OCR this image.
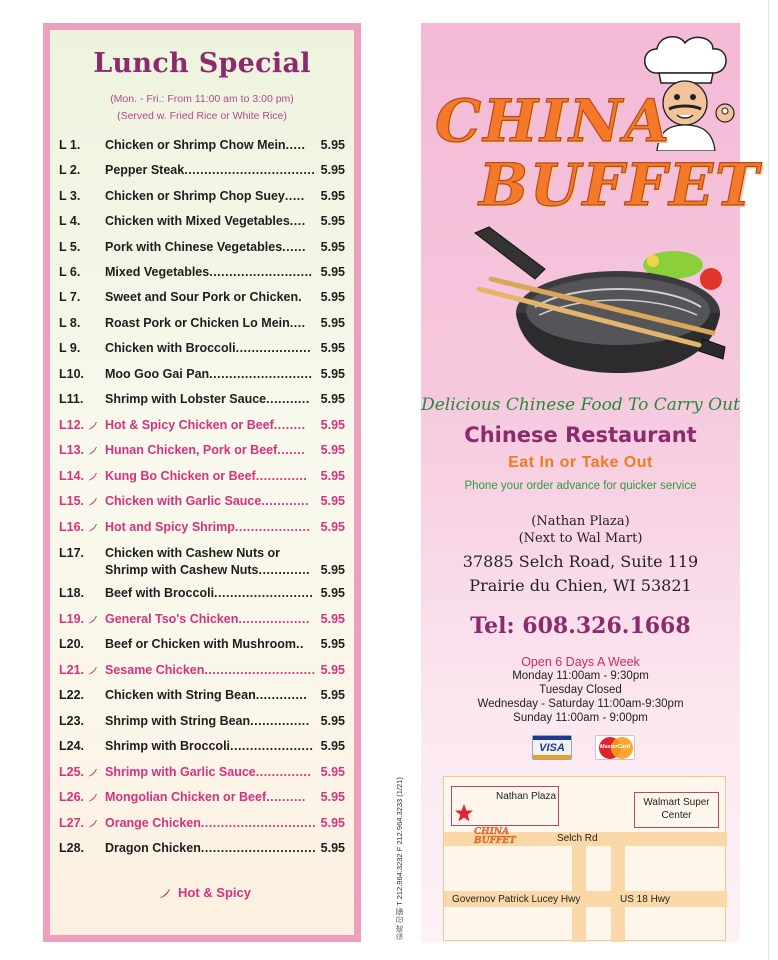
Lunch Special
(Mon. - Fri.: From 11:00 am to 3:00 pm)
(Served w. Fried Rice or White Rice)
L 1.	Chicken or Shrimp Chow Mein .....	5.95
L 2.	Pepper Steak ................................. 5.95
L 3.	Chicken or Shrimp Chop Suey .....	5.95
L 4.	Chicken with Mixed Vegetables ....	5.95
L 5.	Pork with Chinese Vegetables ......	5.95
L 6.	Mixed Vegetables .......................... 5.95
L 7.	Sweet and Sour Pork or Chicken .	5.95
L 8.	Roast Pork or Chicken Lo Mein ....	5.95
L 9.	Chicken with Broccoli ................... 5.95
L10.	Moo Goo Gai Pan .......................... 5.95
L11.	Shrimp with Lobster Sauce ........... 5.95
L12.	Hot & Spicy Chicken or Beef ........	5.95
L13.	Hunan Chicken, Pork or Beef .......	5.95
L14.	Kung Bo Chicken or Beef .............	5.95
L15.	Chicken with Garlic Sauce ............ 5.95
L16.	Hot and Spicy Shrimp ................... 5.95
L17.	Chicken with Cashew Nuts or
Shrimp with Cashew Nuts ............. 5.95
L18.	Beef with Broccoli ......................... 5.95
L19.	General Tso's Chicken .................. 5.95
L20.	Beef or Chicken with Mushroom ..	5.95
L21.	Sesame Chicken ............................ 5.95
L22.	Chicken with String Bean .............	5.95
L23.	Shrimp with String Bean ............... 5.95
L24.	Shrimp with Broccoli ..................... 5.95
L25.	Shrimp with Garlic Sauce .............. 5.95
L26.	Mongolian Chicken or Beef ..........	5.95
L27.	Orange Chicken ............................. 5.95
L28.	Dragon Chicken ............................. 5.95
Hot & Spicy
CHINA
BUFFET
Delicious Chinese Food To Carry Out
Chinese Restaurant
Eat In or Take Out
Phone your order advance for quicker service
(Nathan Plaza)
(Next to Wal Mart)
37885 Selch Road, Suite 119
Prairie du Chien, WI 53821
Tel: 608.326.1668
Open 6 Days A Week
Monday 11:00am - 9:30pm
Tuesday Closed
Wednesday - Saturday 11:00am-9:30pm
Sunday 11:00am - 9:00pm
VISA	MasterCard
Nathan Plaza
Walmart Super Center
CHINA
BUFFET	Selch Rd
Governov Patrick Lucey Hwy	US 18 Hwy
彩海 印刷 T 212.964.3232 F 212.964.3233 (1/21)
